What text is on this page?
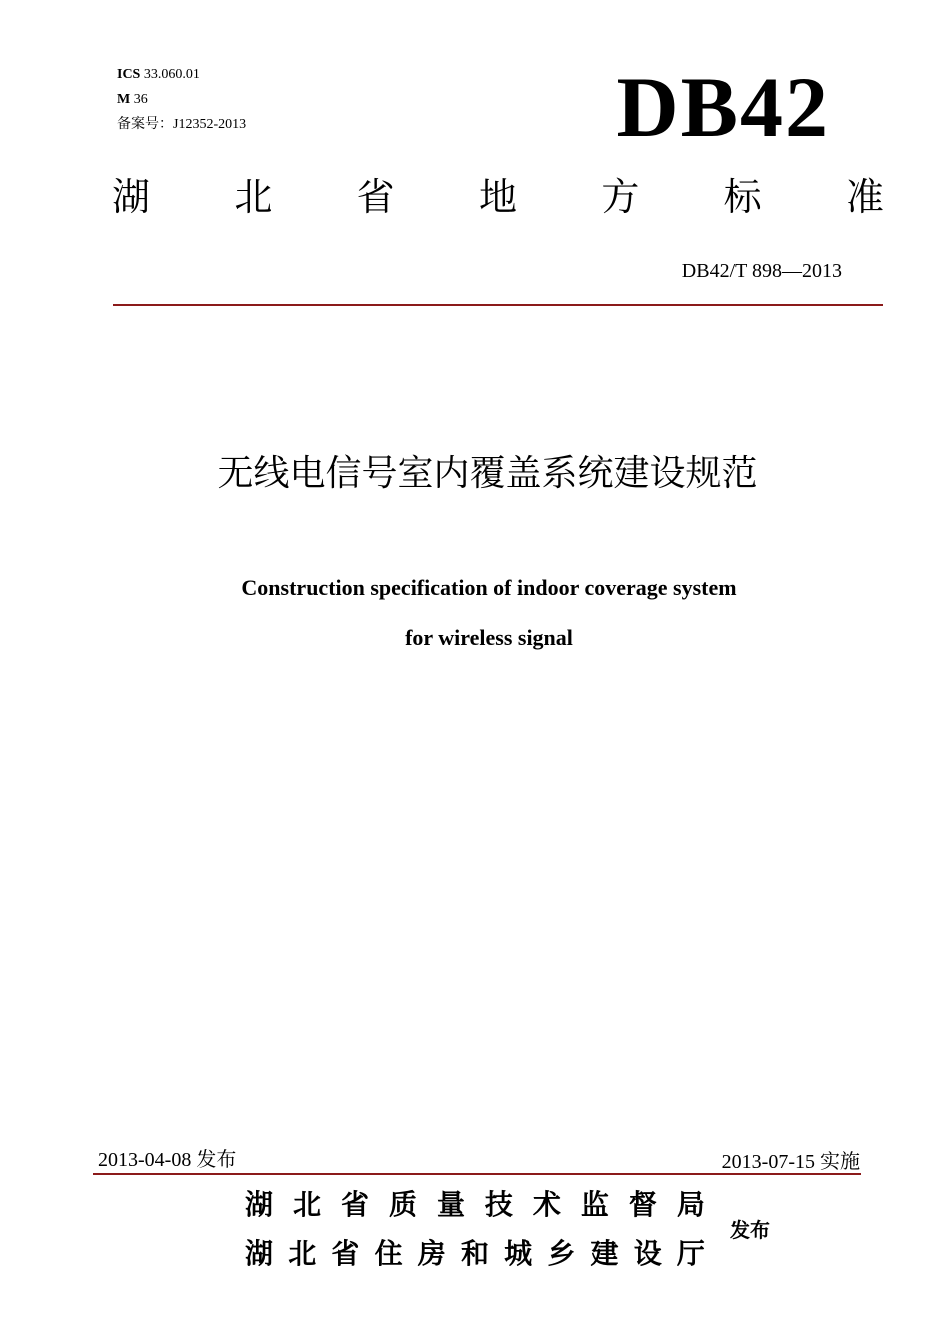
ICS 33.060.01
M 36
备案号：J12352-2013	DB42
湖 北 省 地 方 标 准
DB42/T 898—2013
无线电信号室内覆盖系统建设规范
Construction specification of indoor coverage system
for wireless signal
2013-04-08 发布	2013-07-15 实施
湖 北 省 质 量 技 术 监 督 局
湖 北 省 住 房 和 城 乡 建 设 厅
发布
